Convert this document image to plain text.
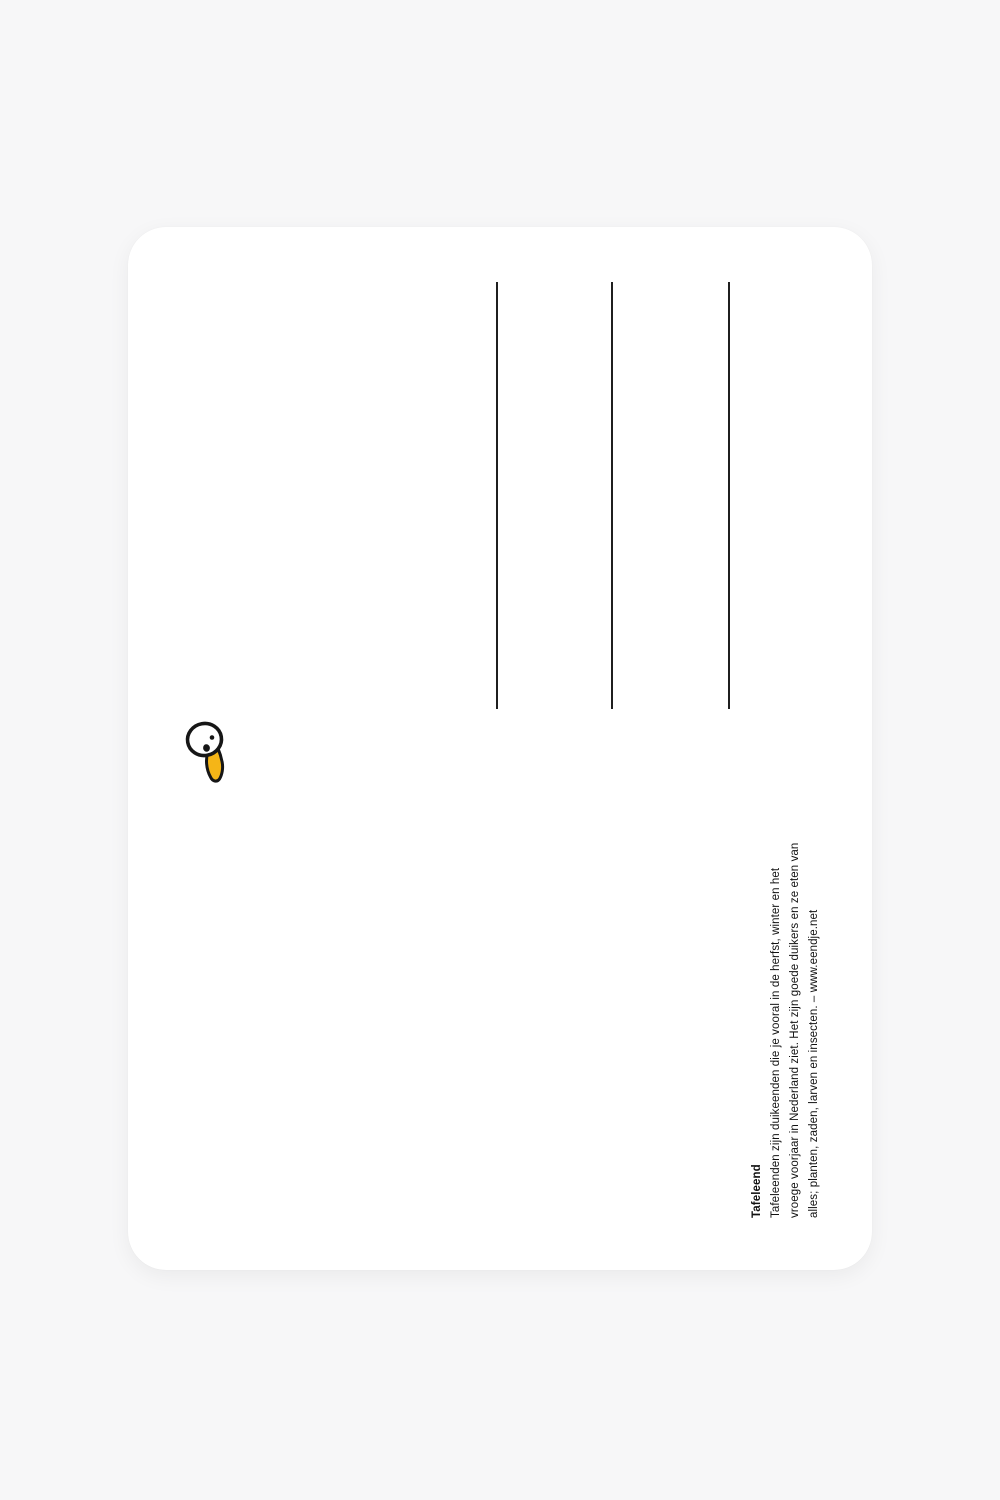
Tafeleend Tafeleenden zijn duikeenden die je vooral in de herfst, winter en het vroege voorjaar in Nederland ziet. Het zijn goede duikers en ze eten van alles; planten, zaden, larven en insecten. – www.eendje.net
